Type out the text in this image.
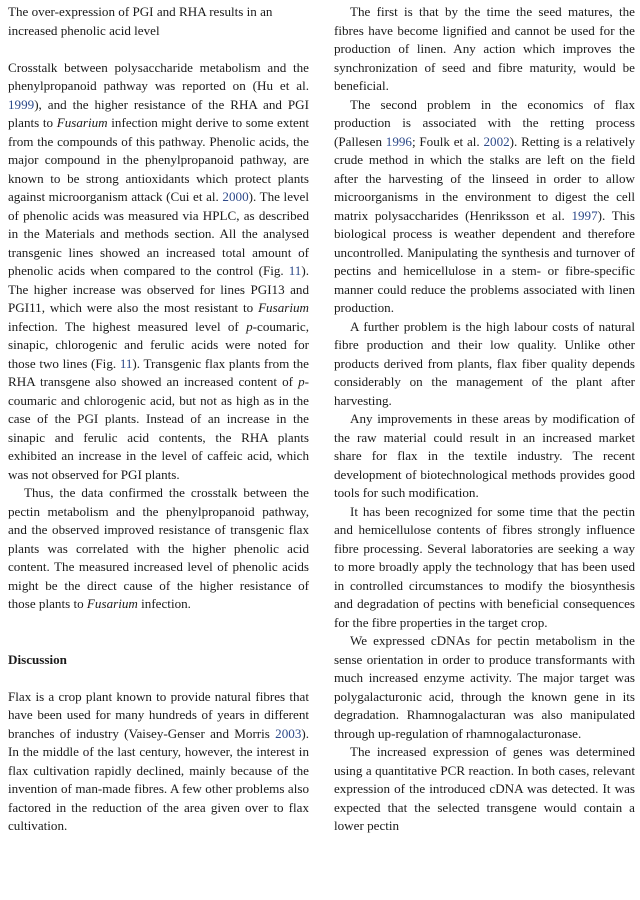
The over-expression of PGI and RHA results in an increased phenolic acid level

Crosstalk between polysaccharide metabolism and the phenylpropanoid pathway was reported on (Hu et al. 1999), and the higher resistance of the RHA and PGI plants to Fusarium infection might derive to some extent from the compounds of this pathway. Phenolic acids, the major compound in the phenylpropanoid pathway, are known to be strong antioxidants which protect plants against microorganism attack (Cui et al. 2000). The level of phenolic acids was measured via HPLC, as described in the Materials and methods section. All the analysed transgenic lines showed an increased total amount of phenolic acids when compared to the control (Fig. 11). The higher increase was observed for lines PGI13 and PGI11, which were also the most resistant to Fusarium infection. The highest measured level of p-coumaric, sinapic, chlorogenic and ferulic acids were noted for those two lines (Fig. 11). Transgenic flax plants from the RHA transgene also showed an increased content of p-coumaric and chlorogenic acid, but not as high as in the case of the PGI plants. Instead of an increase in the sinapic and ferulic acid contents, the RHA plants exhibited an increase in the level of caffeic acid, which was not observed for PGI plants.

Thus, the data confirmed the crosstalk between the pectin metabolism and the phenylpropanoid pathway, and the observed improved resistance of transgenic flax plants was correlated with the higher phenolic acid content. The measured increased level of phenolic acids might be the direct cause of the higher resistance of those plants to Fusarium infection.

Discussion

Flax is a crop plant known to provide natural fibres that have been used for many hundreds of years in different branches of industry (Vaisey-Genser and Morris 2003). In the middle of the last century, however, the interest in flax cultivation rapidly declined, mainly because of the invention of man-made fibres. A few other problems also factored in the reduction of the area given over to flax cultivation.

The first is that by the time the seed matures, the fibres have become lignified and cannot be used for the production of linen. Any action which improves the synchronization of seed and fibre maturity, would be beneficial.

The second problem in the economics of flax production is associated with the retting process (Pallesen 1996; Foulk et al. 2002). Retting is a relatively crude method in which the stalks are left on the field after the harvesting of the linseed in order to allow microorganisms in the environment to digest the cell matrix polysaccharides (Henriksson et al. 1997). This biological process is weather dependent and therefore uncontrolled. Manipulating the synthesis and turnover of pectins and hemicellulose in a stem- or fibre-specific manner could reduce the problems associated with linen production.

A further problem is the high labour costs of natural fibre production and their low quality. Unlike other products derived from plants, flax fiber quality depends considerably on the management of the plant after harvesting.

Any improvements in these areas by modification of the raw material could result in an increased market share for flax in the textile industry. The recent development of biotechnological methods provides good tools for such modification.

It has been recognized for some time that the pectin and hemicellulose contents of fibres strongly influence fibre processing. Several laboratories are seeking a way to more broadly apply the technology that has been used in controlled circumstances to modify the biosynthesis and degradation of pectins with beneficial consequences for the fibre properties in the target crop.

We expressed cDNAs for pectin metabolism in the sense orientation in order to produce transformants with much increased enzyme activity. The major target was polygalacturonic acid, through the known gene in its degradation. Rhamnogalacturan was also manipulated through up-regulation of rhamnogalacturonase.

The increased expression of genes was determined using a quantitative PCR reaction. In both cases, relevant expression of the introduced cDNA was detected. It was expected that the selected transgene would contain a lower pectin
